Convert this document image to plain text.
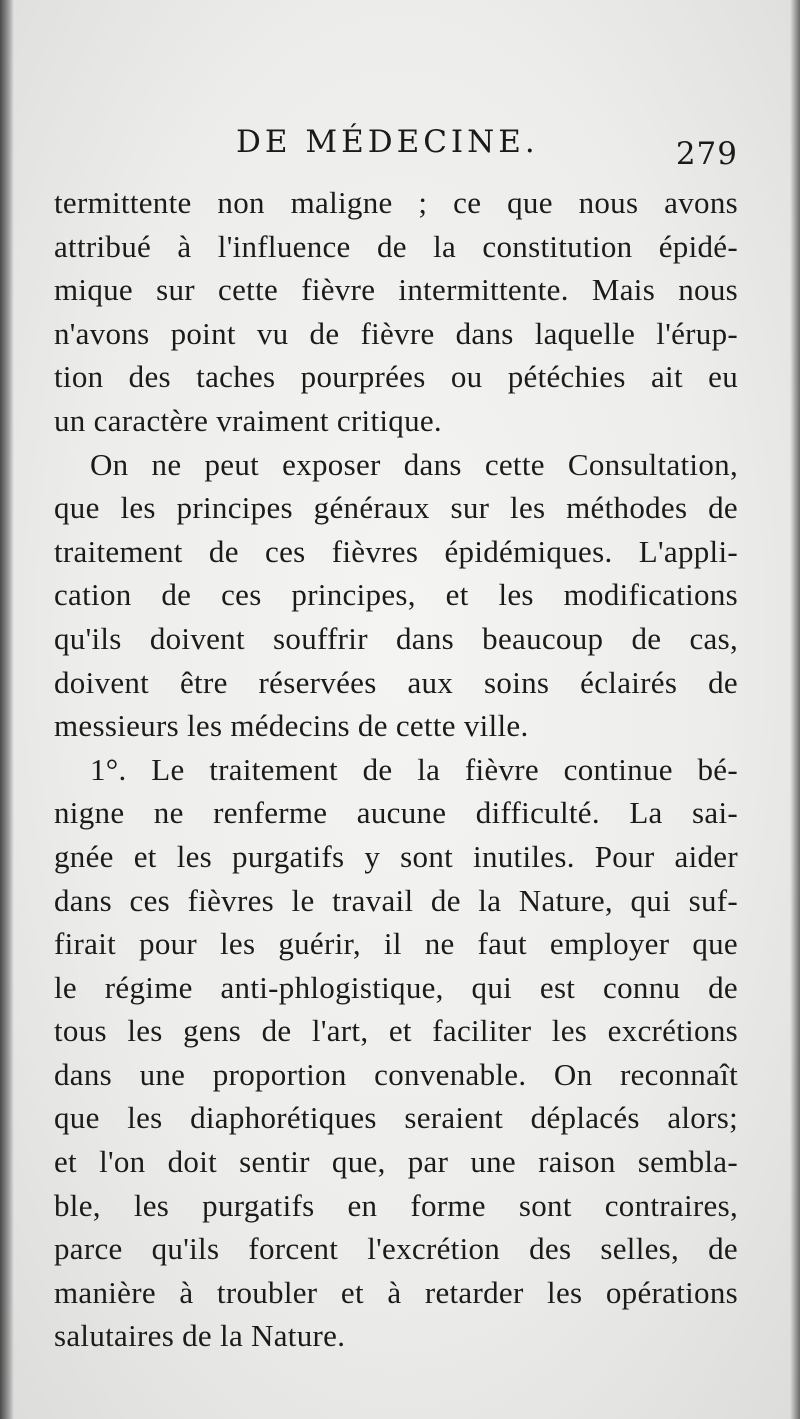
DE MÉDECINE.	279
termittente non maligne ; ce que nous avons
attribué à l'influence de la constitution épidé-
mique sur cette fièvre intermittente. Mais nous
n'avons point vu de fièvre dans laquelle l'érup-
tion des taches pourprées ou pétéchies ait eu
un caractère vraiment critique.
On ne peut exposer dans cette Consultation,
que les principes généraux sur les méthodes de
traitement de ces fièvres épidémiques. L'appli-
cation de ces principes, et les modifications
qu'ils doivent souffrir dans beaucoup de cas,
doivent être réservées aux soins éclairés de
messieurs les médecins de cette ville.
1°. Le traitement de la fièvre continue bé-
nigne ne renferme aucune difficulté. La sai-
gnée et les purgatifs y sont inutiles. Pour aider
dans ces fièvres le travail de la Nature, qui suf-
firait pour les guérir, il ne faut employer que
le régime anti-phlogistique, qui est connu de
tous les gens de l'art, et faciliter les excrétions
dans une proportion convenable. On reconnaît
que les diaphorétiques seraient déplacés alors;
et l'on doit sentir que, par une raison sembla-
ble, les purgatifs en forme sont contraires,
parce qu'ils forcent l'excrétion des selles, de
manière à troubler et à retarder les opérations
salutaires de la Nature.
